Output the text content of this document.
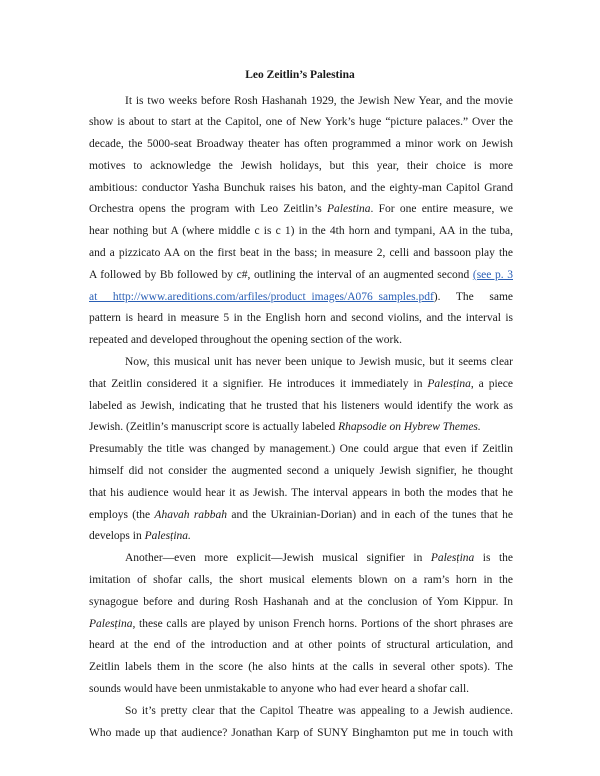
Leo Zeitlin’s Palestina

It is two weeks before Rosh Hashanah 1929, the Jewish New Year, and the movie
show is about to start at the Capitol, one of New York’s huge “picture palaces.” Over the
decade, the 5000-seat Broadway theater has often programmed a minor work on Jewish
motives to acknowledge the Jewish holidays, but this year, their choice is more
ambitious: conductor Yasha Bunchuk raises his baton, and the eighty-man Capitol Grand
Orchestra opens the program with Leo Zeitlin’s Palestina. For one entire measure, we
hear nothing but A (where middle c is c 1) in the 4th horn and tympani, AA in the tuba,
and a pizzicato AA on the first beat in the bass; in measure 2, celli and bassoon play the
A followed by Bb followed by c#, outlining the interval of an augmented second (see p. 3
at http://www.areditions.com/arfiles/product_images/A076_samples.pdf). The same
pattern is heard in measure 5 in the English horn and second violins, and the interval is
repeated and developed throughout the opening section of the work.

Now, this musical unit has never been unique to Jewish music, but it seems clear
that Zeitlin considered it a signifier. He introduces it immediately in Palesṭina, a piece
labeled as Jewish, indicating that he trusted that his listeners would identify the work as
Jewish. (Zeitlin’s manuscript score is actually labeled Rhapsodie on Hybrew Themes.
Presumably the title was changed by management.) One could argue that even if Zeitlin
himself did not consider the augmented second a uniquely Jewish signifier, he thought
that his audience would hear it as Jewish. The interval appears in both the modes that he
employs (the Ahavah rabbah and the Ukrainian-Dorian) and in each of the tunes that he
develops in Palesṭina.

Another—even more explicit—Jewish musical signifier in Palesṭina is the
imitation of shofar calls, the short musical elements blown on a ram’s horn in the
synagogue before and during Rosh Hashanah and at the conclusion of Yom Kippur. In
Palesṭina, these calls are played by unison French horns. Portions of the short phrases are
heard at the end of the introduction and at other points of structural articulation, and
Zeitlin labels them in the score (he also hints at the calls in several other spots). The
sounds would have been unmistakable to anyone who had ever heard a shofar call.

So it’s pretty clear that the Capitol Theatre was appealing to a Jewish audience.
Who made up that audience? Jonathan Karp of SUNY Binghamton put me in touch with
